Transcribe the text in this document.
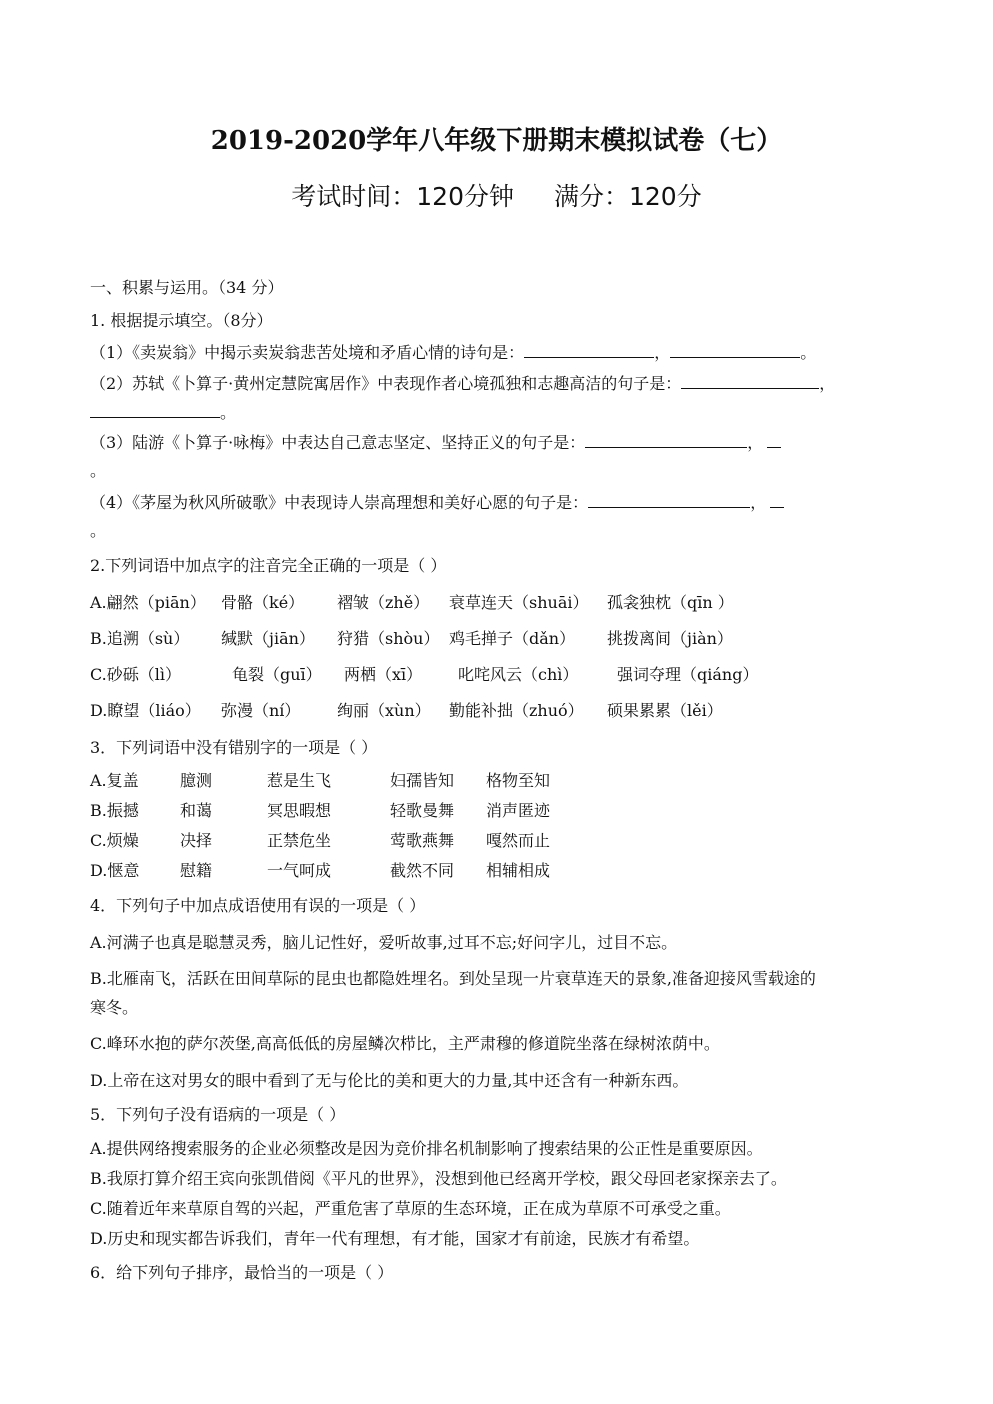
2019-2020学年八年级下册期末模拟试卷（七）
考试时间：120分钟 满分：120分
一、积累与运用。（34 分）
1. 根据提示填空。（8分）
（1）《卖炭翁》中揭示卖炭翁悲苦处境和矛盾心情的诗句是：	，	。
（2）苏轼《卜算子·黄州定慧院寓居作》中表现作者心境孤独和志趣高洁的句子是：	，
。
（3）陆游《卜算子·咏梅》中表达自己意志坚定、坚持正义的句子是：	，
。
（4）《茅屋为秋风所破歌》中表现诗人崇高理想和美好心愿的句子是：	，
。
2.下列词语中加点字的注音完全正确的一项是（ ）
A.翩然（piān） 骨骼（ké） 褶皱（zhě） 衰草连天（shuāi） 孤衾独枕（qīn ）
B.追溯（sù） 缄默（jiān） 狩猎（shòu） 鸡毛掸子（dǎn） 挑拨离间（jiàn）
C.砂砾（lì）	龟裂（guī） 两栖（xī） 叱咤风云（chì） 强词夺理（qiáng）
D.瞭望（liáo） 弥漫（ní） 绚丽（xùn） 勤能补拙（zhuó） 硕果累累（lěi）
3．下列词语中没有错别字的一项是（ ）
A.复盖	臆测	惹是生飞	妇孺皆知 格物至知
B.振撼	和蔼	冥思暇想	轻歌曼舞 消声匿迹
C.烦燥	决择	正禁危坐	莺歌燕舞 嘎然而止
D.惬意	慰籍	一气呵成	截然不同 相辅相成
4．下列句子中加点成语使用有误的一项是（ ）
A.河满子也真是聪慧灵秀，脑儿记性好，爱听故事,过耳不忘;好问字儿，过目不忘。
B.北雁南飞，活跃在田间草际的昆虫也都隐姓埋名。到处呈现一片衰草连天的景象,准备迎接风雪载途的
寒冬。
C.峰环水抱的萨尔茨堡,高高低低的房屋鳞次栉比，主严肃穆的修道院坐落在绿树浓荫中。
D.上帝在这对男女的眼中看到了无与伦比的美和更大的力量,其中还含有一种新东西。
5．下列句子没有语病的一项是（ ）
A.提供网络搜索服务的企业必须整改是因为竞价排名机制影响了搜索结果的公正性是重要原因。
B.我原打算介绍王宾向张凯借阅《平凡的世界》，没想到他已经离开学校，跟父母回老家探亲去了。
C.随着近年来草原自驾的兴起，严重危害了草原的生态环境，正在成为草原不可承受之重。
D.历史和现实都告诉我们，青年一代有理想，有才能，国家才有前途，民族才有希望。
6．给下列句子排序，最恰当的一项是（ ）
